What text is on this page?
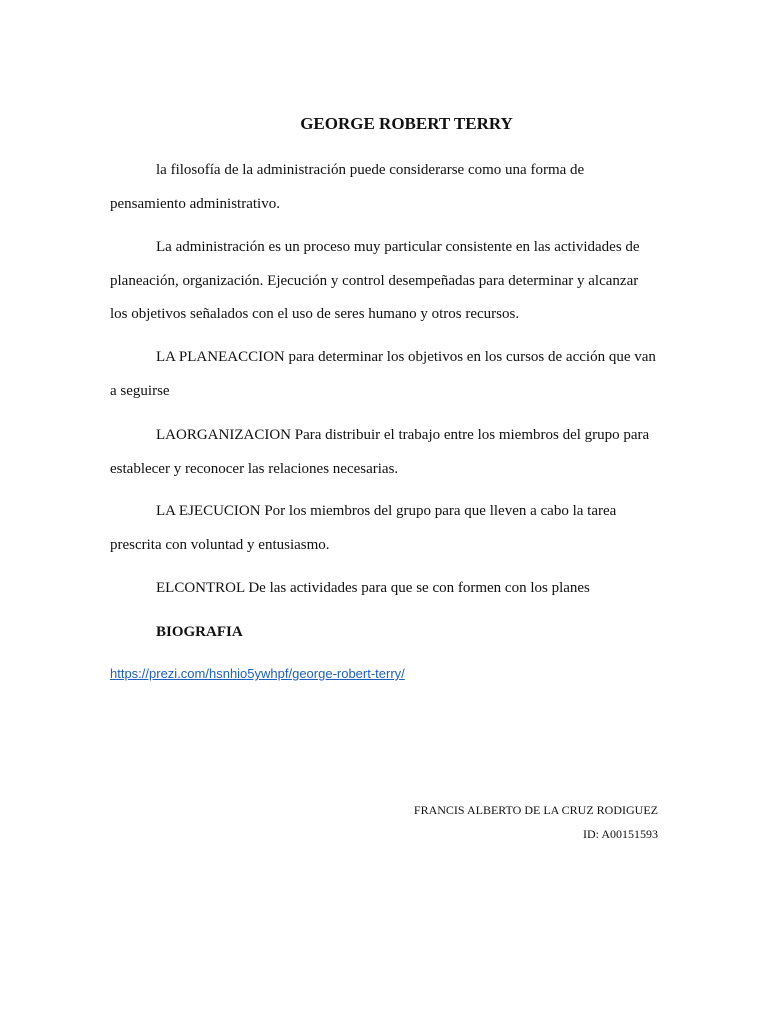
GEORGE ROBERT TERRY

la filosofía de la administración puede considerarse como una forma de pensamiento administrativo.

La administración es un proceso muy particular consistente en las actividades de planeación, organización. Ejecución y control desempeñadas para determinar y alcanzar los objetivos señalados con el uso de seres humano y otros recursos.

LA PLANEACCION para determinar los objetivos en los cursos de acción que van a seguirse

LAORGANIZACION Para distribuir el trabajo entre los miembros del grupo para establecer y reconocer las relaciones necesarias.

LA EJECUCION Por los miembros del grupo para que lleven a cabo la tarea prescrita con voluntad y entusiasmo.

ELCONTROL De las actividades para que se con formen con los planes

BIOGRAFIA
https://prezi.com/hsnhio5ywhpf/george-robert-terry/
FRANCIS ALBERTO DE LA CRUZ RODIGUEZ
ID: A00151593
